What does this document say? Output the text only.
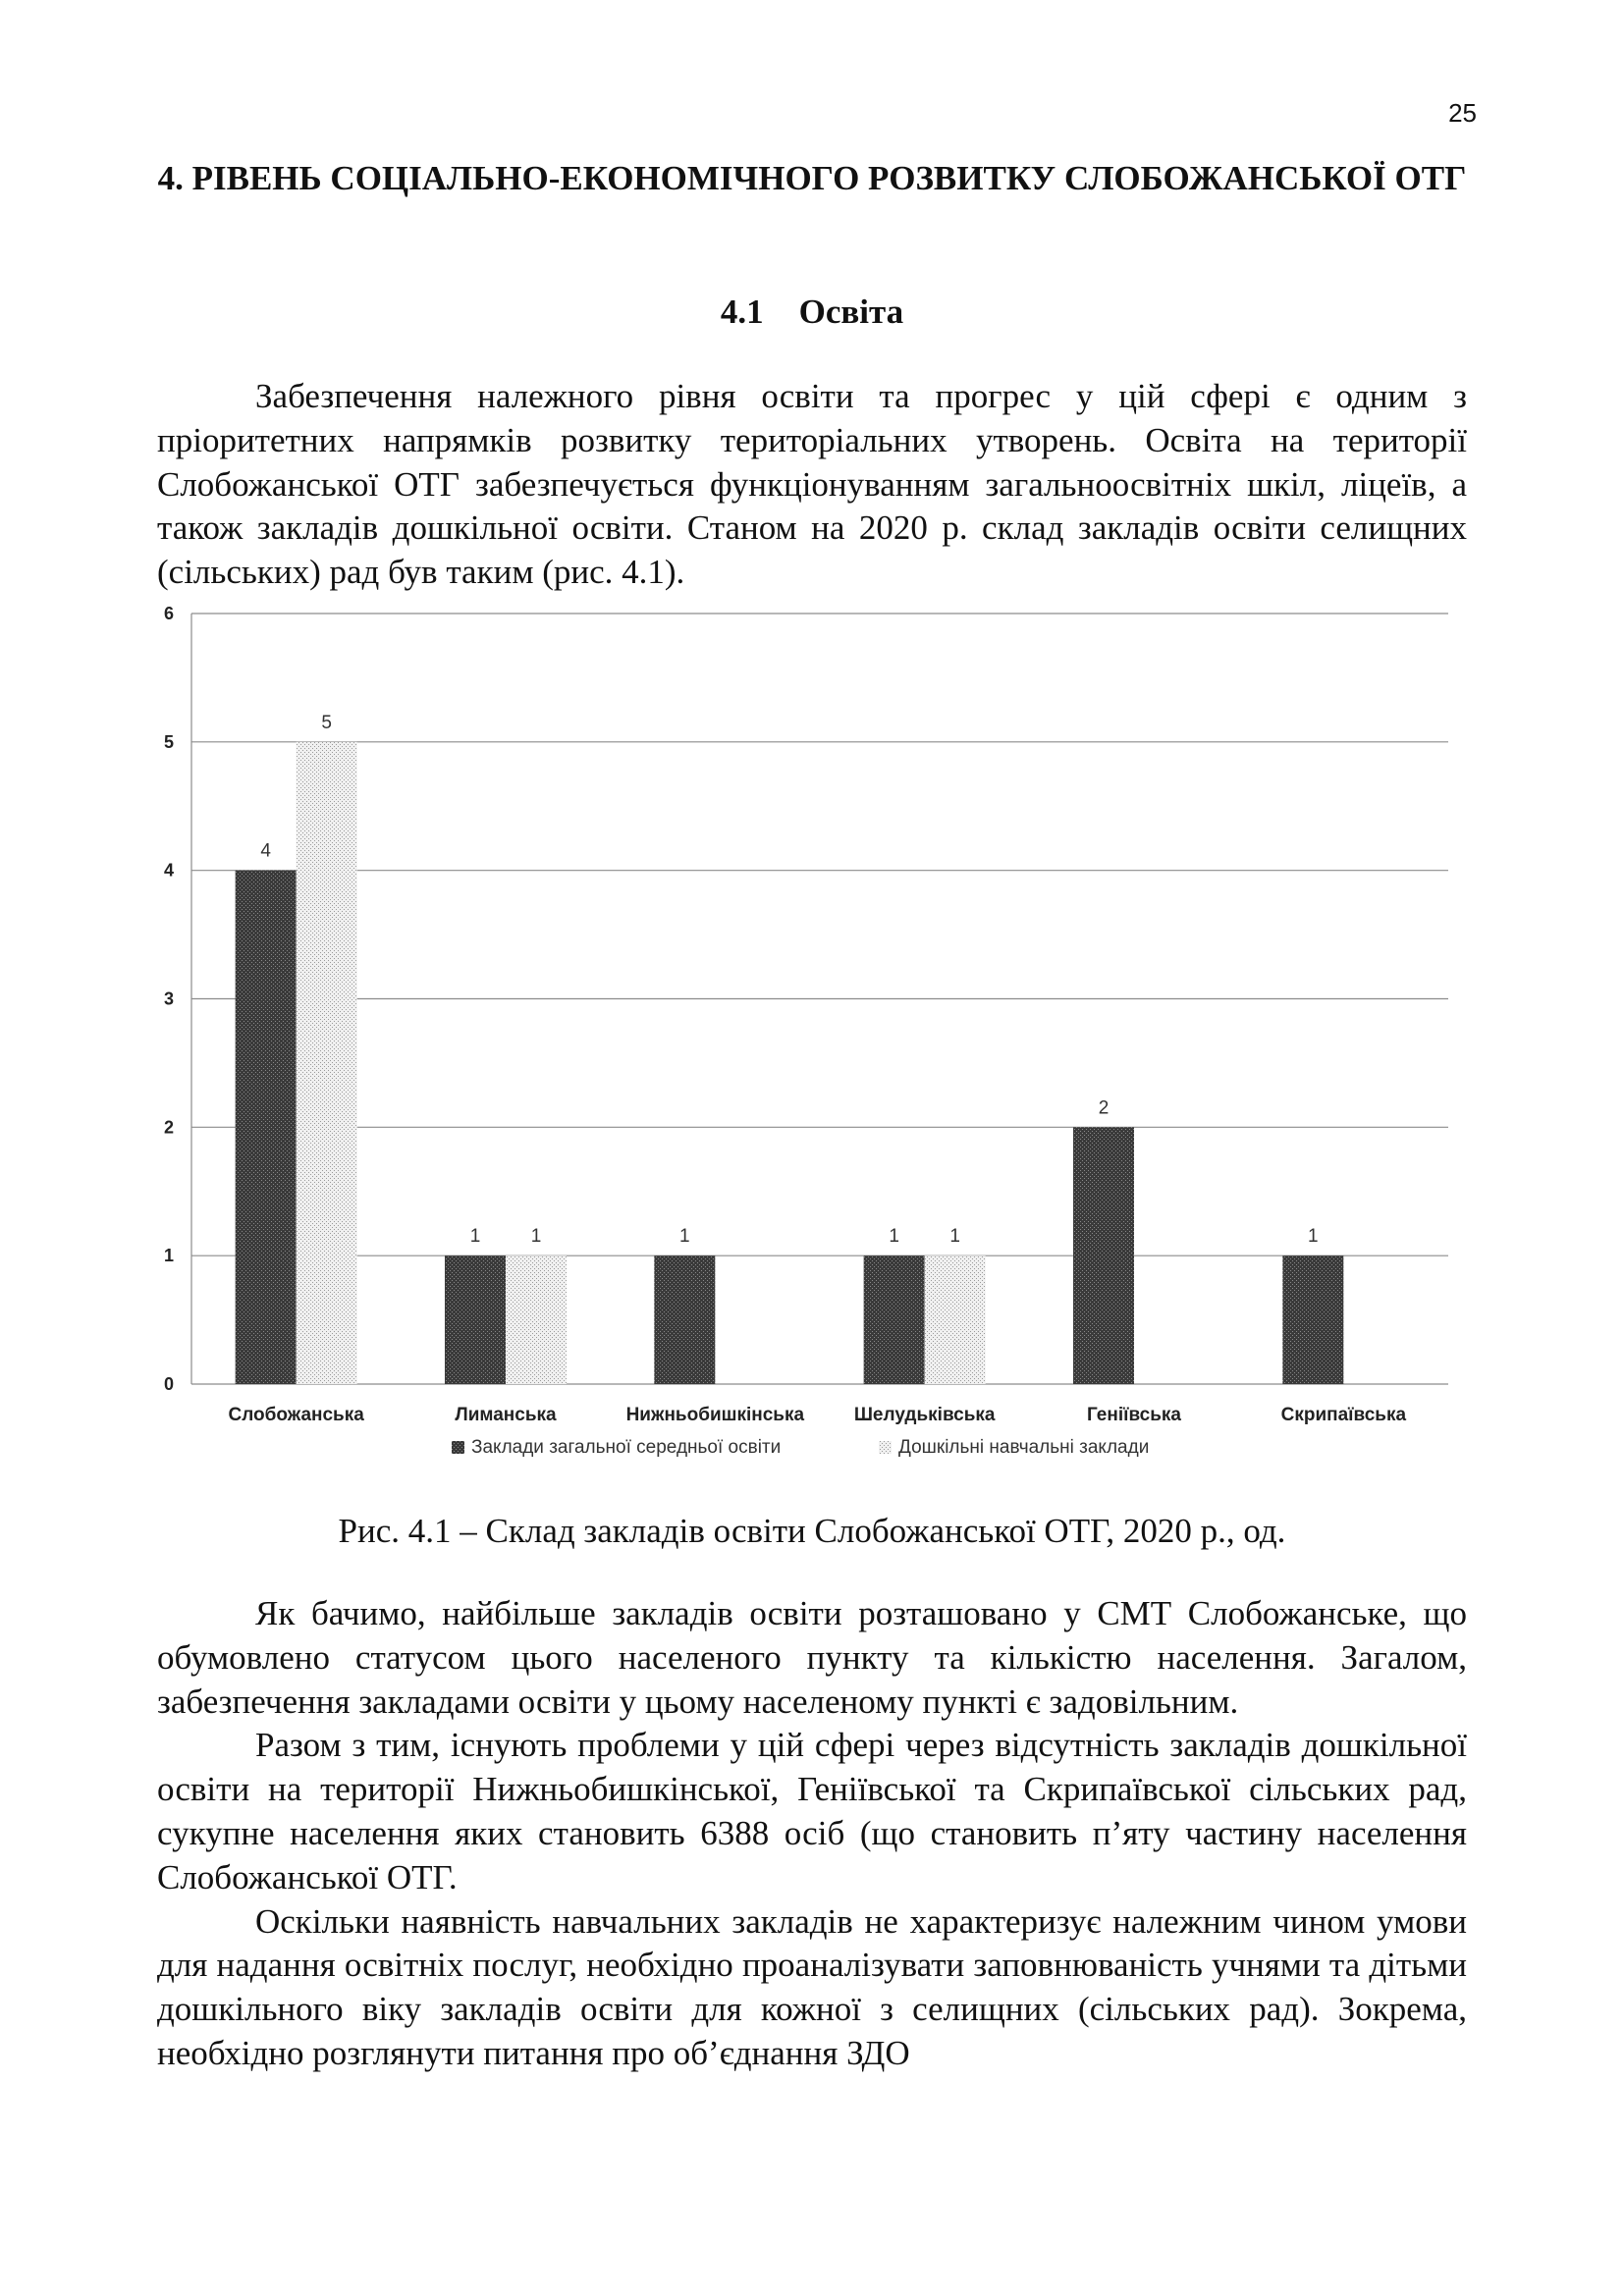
25
4. РІВЕНЬ СОЦІАЛЬНО-ЕКОНОМІЧНОГО РОЗВИТКУ СЛОБОЖАНСЬКОЇ ОТГ
4.1 Освіта

Забезпечення належного рівня освіти та прогрес у цій сфері є одним з пріоритетних напрямків розвитку територіальних утворень. Освіта на території Слобожанської ОТГ забезпечується функціонуванням загальноосвітніх шкіл, ліцеїв, а також закладів дошкільної освіти. Станом на 2020 р. склад закладів освіти селищних (сільських) рад був таким (рис. 4.1).

0
1
2
3
4
5
6
4
5
Слобожанська
1	1
Лиманська
1
Нижньобишкінська
1	1
Шелудьківська
2
Геніївська
1
Скрипаївська
Заклади загальної середньої освіти	Дошкільні навчальні заклади
Рис. 4.1 – Склад закладів освіти Слобожанської ОТГ, 2020 р., од.

Як бачимо, найбільше закладів освіти розташовано у СМТ Слобожанське, що обумовлено статусом цього населеного пункту та кількістю населення. Загалом, забезпечення закладами освіти у цьому населеному пункті є задовільним.

Разом з тим, існують проблеми у цій сфері через відсутність закладів дошкільної освіти на території Нижньобишкінської, Геніївської та Скрипаївської сільських рад, сукупне населення яких становить 6388 осіб (що становить п’яту частину населення Слобожанської ОТГ.

Оскільки наявність навчальних закладів не характеризує належним чином умови для надання освітніх послуг, необхідно проаналізувати заповнюваність учнями та дітьми дошкільного віку закладів освіти для кожної з селищних (сільських рад). Зокрема, необхідно розглянути питання про об’єднання ЗДО
